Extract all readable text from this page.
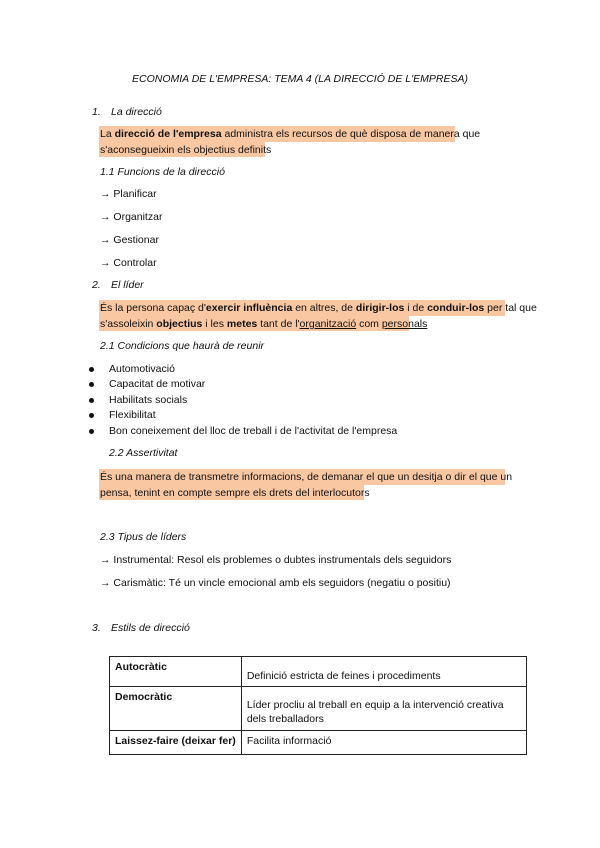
ECONOMIA DE L'EMPRESA: TEMA 4 (LA DIRECCIÓ DE L'EMPRESA)
1. La direcció
La direcció de l'empresa administra els recursos de què disposa de manera que
s'aconsegueixin els objectius definits
1.1 Funcions de la direcció
→ Planificar
→ Organitzar
→ Gestionar
→ Controlar
2. El líder
És la persona capaç d'exercir influència en altres, de dirigir-los i de conduir-los per tal que
s'assoleixin objectius i les metes tant de l'organització com personals
2.1 Condicions que haurà de reunir
Automotivació
Capacitat de motivar
Habilitats socials
Flexibilitat
Bon coneixement del lloc de treball i de l'activitat de l'empresa
2.2 Assertivitat
És una manera de transmetre informacions, de demanar el que un desitja o dir el que un
pensa, tenint en compte sempre els drets del interlocutors
2.3 Tipus de líders
→ Instrumental: Resol els problemes o dubtes instrumentals dels seguidors
→ Carismàtic: Té un vincle emocional amb els seguidors (negatiu o positiu)
3. Estils de direcció
Autocràtic	Definició estricta de feines i procediments
Democràtic	Líder procliu al treball en equip a la intervenció creativa dels treballadors
Laissez-faire (deixar fer)	Facilita informació
